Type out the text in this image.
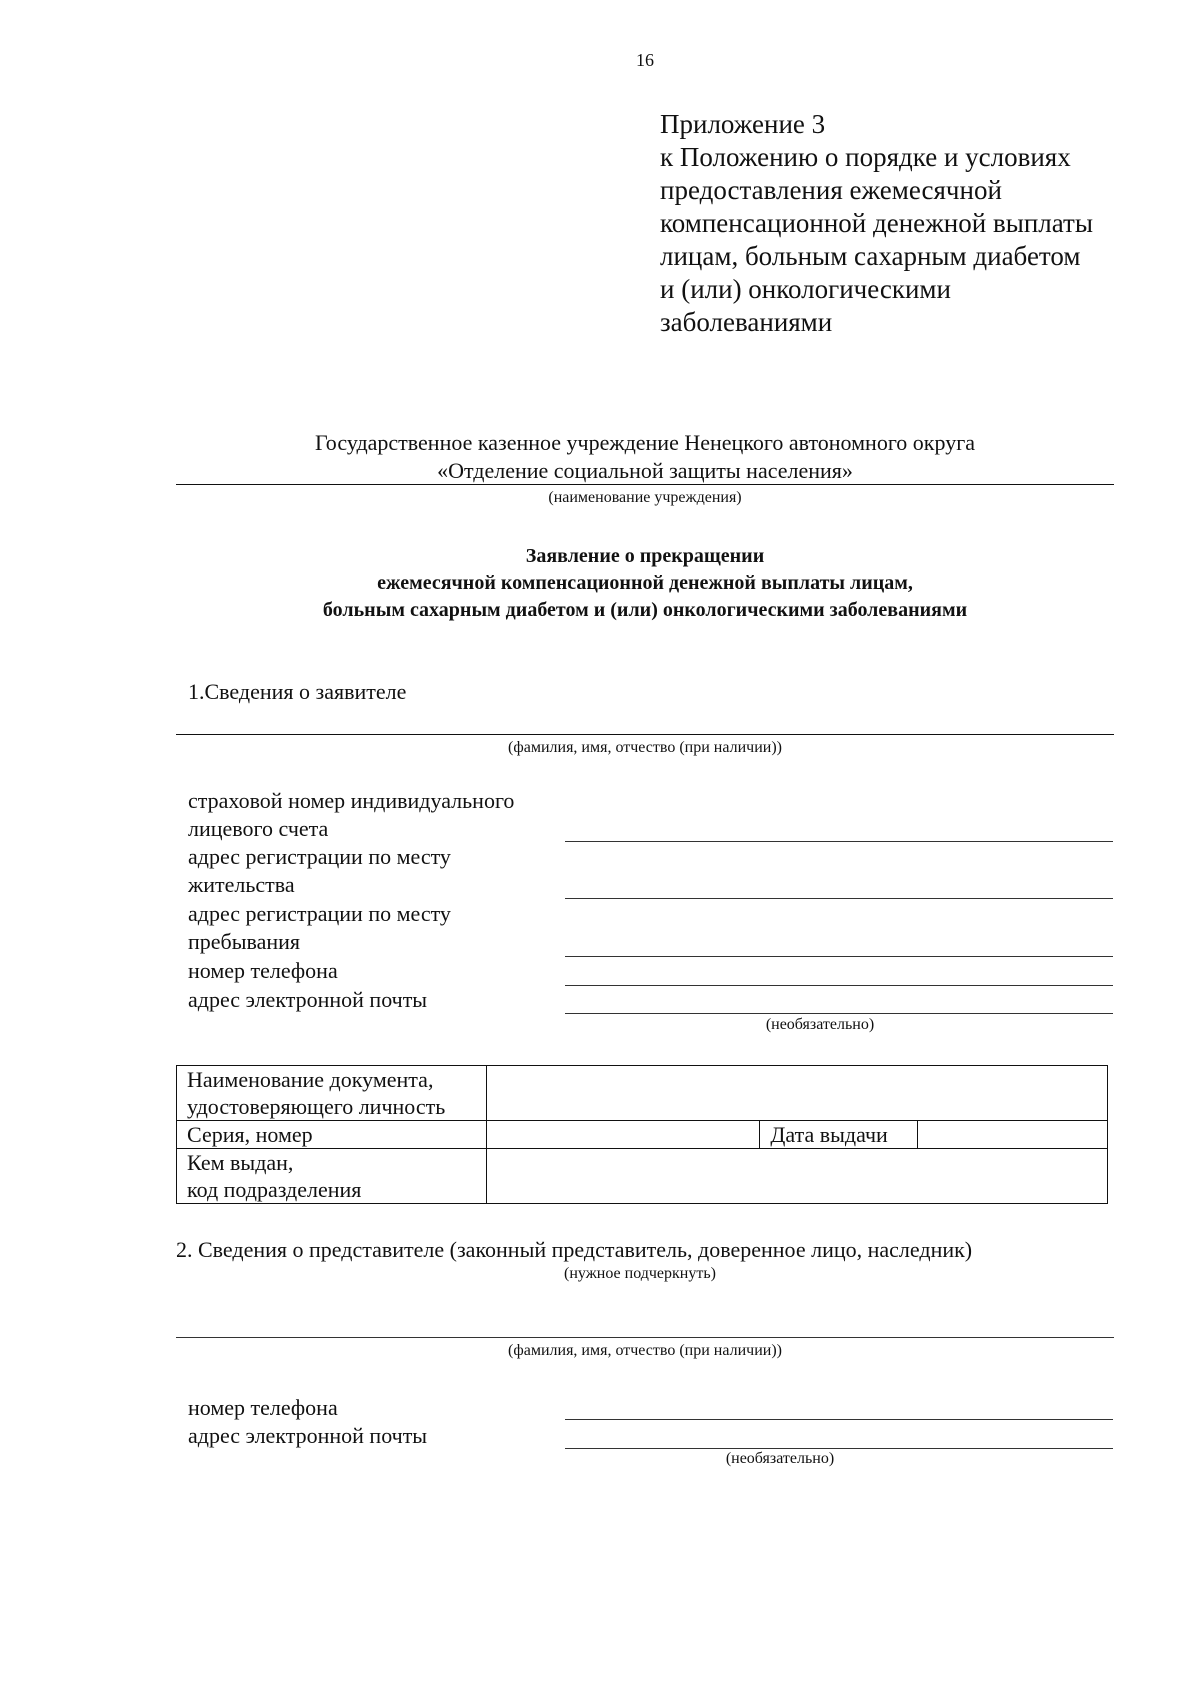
16
Приложение 3
к Положению о порядке и условиях
предоставления ежемесячной
компенсационной денежной выплаты
лицам, больным сахарным диабетом
и (или) онкологическими
заболеваниями
Государственное казенное учреждение Ненецкого автономного округа
«Отделение социальной защиты населения»
(наименование учреждения)
Заявление о прекращении
ежемесячной компенсационной денежной выплаты лицам,
больным сахарным диабетом и (или) онкологическими заболеваниями
1.Сведения о заявителе
(фамилия, имя, отчество (при наличии))
страховой номер индивидуального
лицевого счета
адрес регистрации по месту
жительства
адрес регистрации по месту
пребывания
номер телефона
адрес электронной почты
(необязательно)
Наименование документа,
удостоверяющего личность			
Серия, номер		Дата выдачи	
Кем выдан,
код подразделения			
2. Сведения о представителе (законный представитель, доверенное лицо, наследник)
(нужное подчеркнуть)
(фамилия, имя, отчество (при наличии))
номер телефона
адрес электронной почты
(необязательно)
